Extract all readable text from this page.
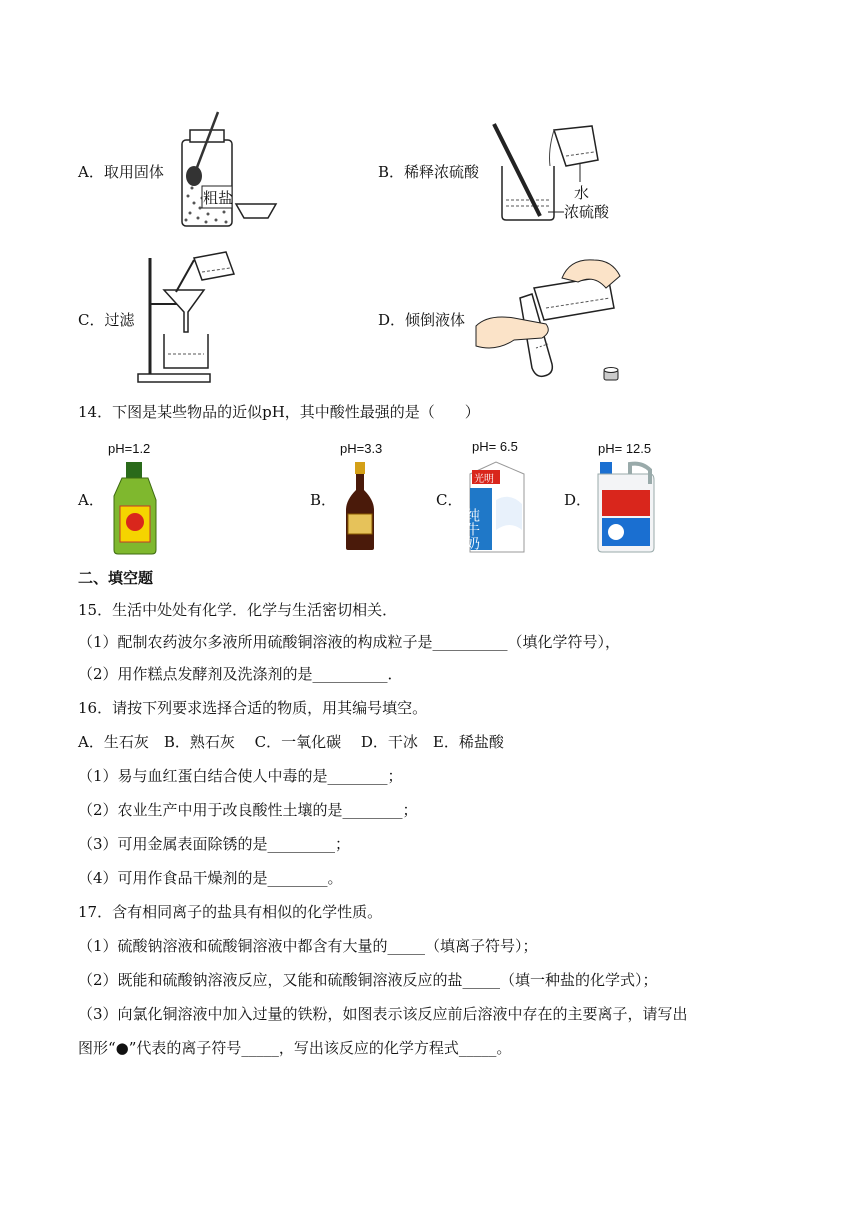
A．取用固体
粗盐
B．稀释浓硫酸
水
浓硫酸
C．过滤	D．倾倒液体
14．下图是某些物品的近似pH，其中酸性最强的是（　　）
A．
pH=1.2
B．
pH=3.3
C．
pH= 6.5
光明
纯牛奶
D．
pH= 12.5
二、填空题
15．生活中处处有化学．化学与生活密切相关．
（1）配制农药波尔多液所用硫酸铜溶液的构成粒子是__________（填化学符号），
（2）用作糕点发酵剂及洗涤剂的是__________．
16．请按下列要求选择合适的物质，用其编号填空。
A．生石灰　B．熟石灰　 C．一氧化碳　 D．干冰　E．稀盐酸
（1）易与血红蛋白结合使人中毒的是________；
（2）农业生产中用于改良酸性土壤的是________；
（3）可用金属表面除锈的是_________；
（4）可用作食品干燥剂的是________。
17．含有相同离子的盐具有相似的化学性质。
（1）硫酸钠溶液和硫酸铜溶液中都含有大量的_____（填离子符号）；
（2）既能和硫酸钠溶液反应，又能和硫酸铜溶液反应的盐_____（填一种盐的化学式）；
（3）向氯化铜溶液中加入过量的铁粉，如图表示该反应前后溶液中存在的主要离子，请写出
图形“●”代表的离子符号_____，写出该反应的化学方程式_____。
